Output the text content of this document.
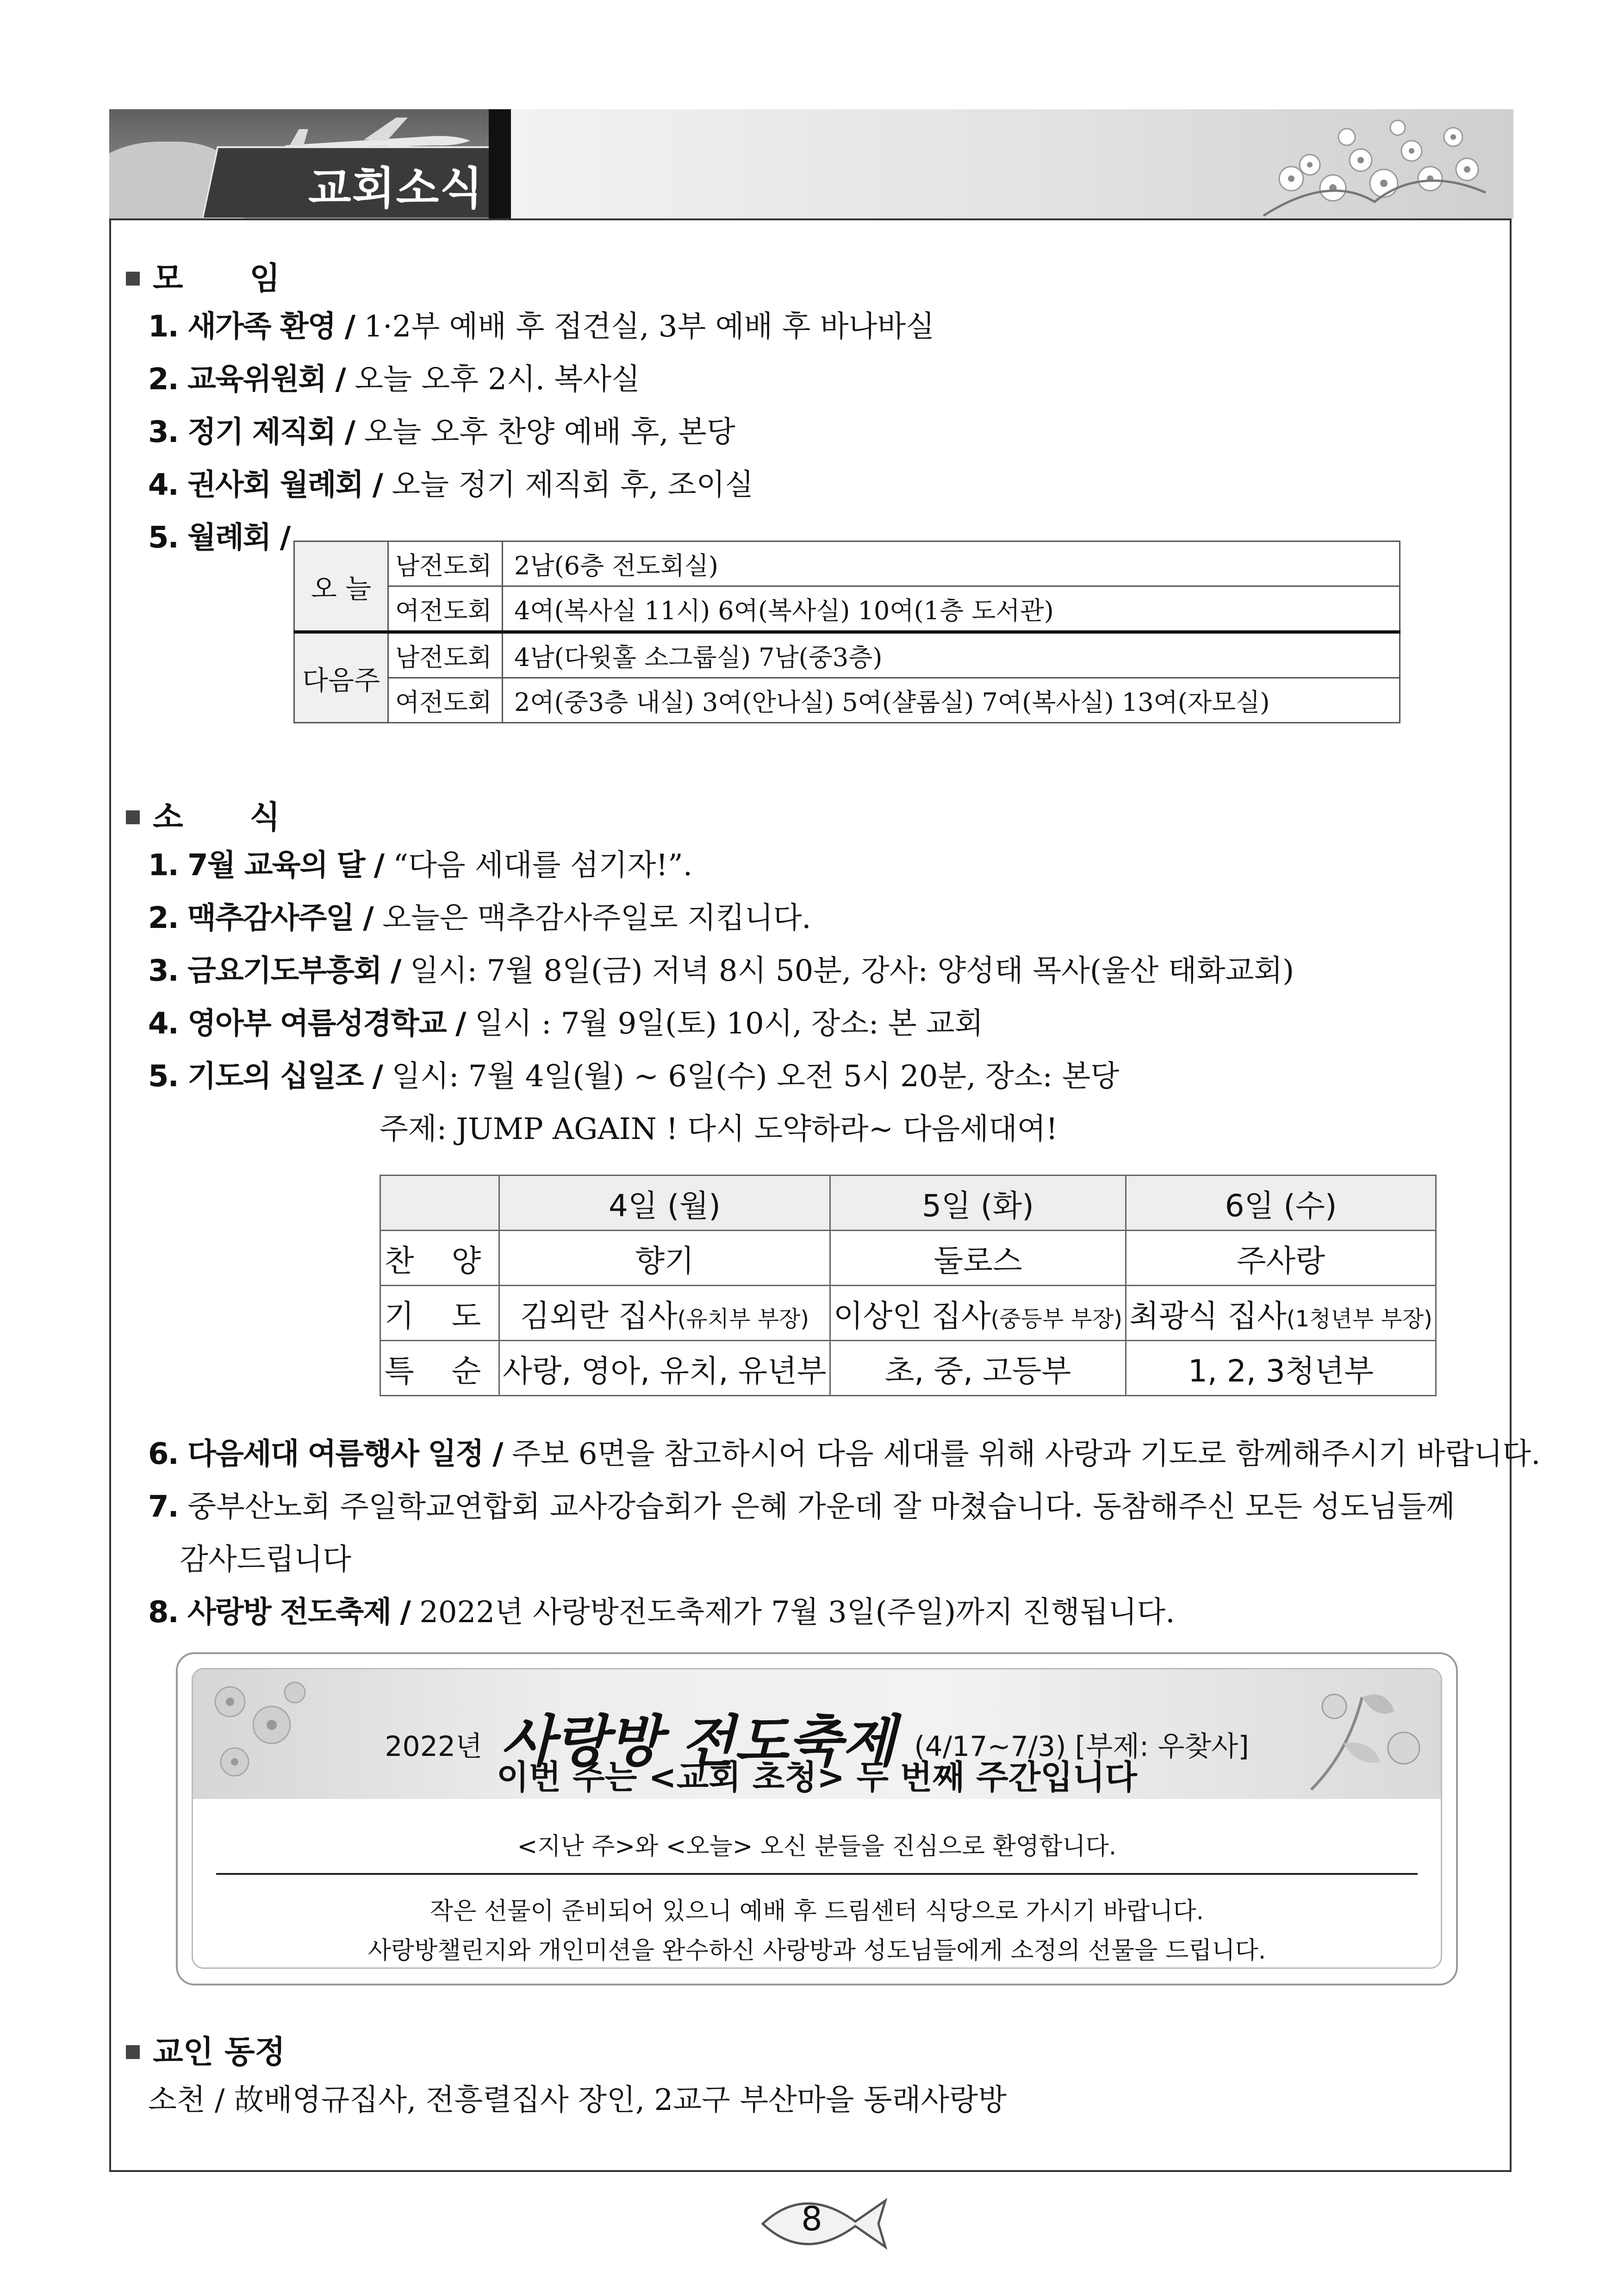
교회소식
모 임
1. 새가족 환영 / 1·2부 예배 후 접견실, 3부 예배 후 바나바실
2. 교육위원회 / 오늘 오후 2시. 복사실
3. 정기 제직회 / 오늘 오후 찬양 예배 후, 본당
4. 권사회 월례회 / 오늘 정기 제직회 후, 조이실
5. 월례회 /
오 늘	남전도회	2남(6층 전도회실)
	여전도회	4여(복사실 11시) 6여(복사실) 10여(1층 도서관)
다음주	남전도회	4남(다윗홀 소그룹실) 7남(중3층)
	여전도회	2여(중3층 내실) 3여(안나실) 5여(샬롬실) 7여(복사실) 13여(자모실)
소 식
1. 7월 교육의 달 / “다음 세대를 섬기자!”.
2. 맥추감사주일 / 오늘은 맥추감사주일로 지킵니다.
3. 금요기도부흥회 / 일시: 7월 8일(금) 저녁 8시 50분, 강사: 양성태 목사(울산 태화교회)
4. 영아부 여름성경학교 / 일시 : 7월 9일(토) 10시, 장소: 본 교회
5. 기도의 십일조 / 일시: 7월 4일(월) ~ 6일(수) 오전 5시 20분, 장소: 본당
주제: JUMP AGAIN ! 다시 도약하라~ 다음세대여!
	4일 (월)	5일 (화)	6일 (수)
찬 양	향기	둘로스	주사랑
기 도	김외란 집사(유치부 부장)	이상인 집사(중등부 부장)	최광식 집사(1청년부 부장)
특 순	사랑, 영아, 유치, 유년부	초, 중, 고등부	1, 2, 3청년부
6. 다음세대 여름행사 일정 / 주보 6면을 참고하시어 다음 세대를 위해 사랑과 기도로 함께해주시기 바랍니다.
7. 중부산노회 주일학교연합회 교사강습회가 은혜 가운데 잘 마쳤습니다. 동참해주신 모든 성도님들께
감사드립니다
8. 사랑방 전도축제 / 2022년 사랑방전도축제가 7월 3일(주일)까지 진행됩니다.
2022년 사랑방 전도축제 (4/17~7/3) [부제: 우찾사]
이번 주는 <교회 초청> 두 번째 주간입니다
<지난 주>와 <오늘> 오신 분들을 진심으로 환영합니다.
작은 선물이 준비되어 있으니 예배 후 드림센터 식당으로 가시기 바랍니다.
사랑방챌린지와 개인미션을 완수하신 사랑방과 성도님들에게 소정의 선물을 드립니다.
교인 동정
소천 / 故배영규집사, 전흥렬집사 장인, 2교구 부산마을 동래사랑방
8
